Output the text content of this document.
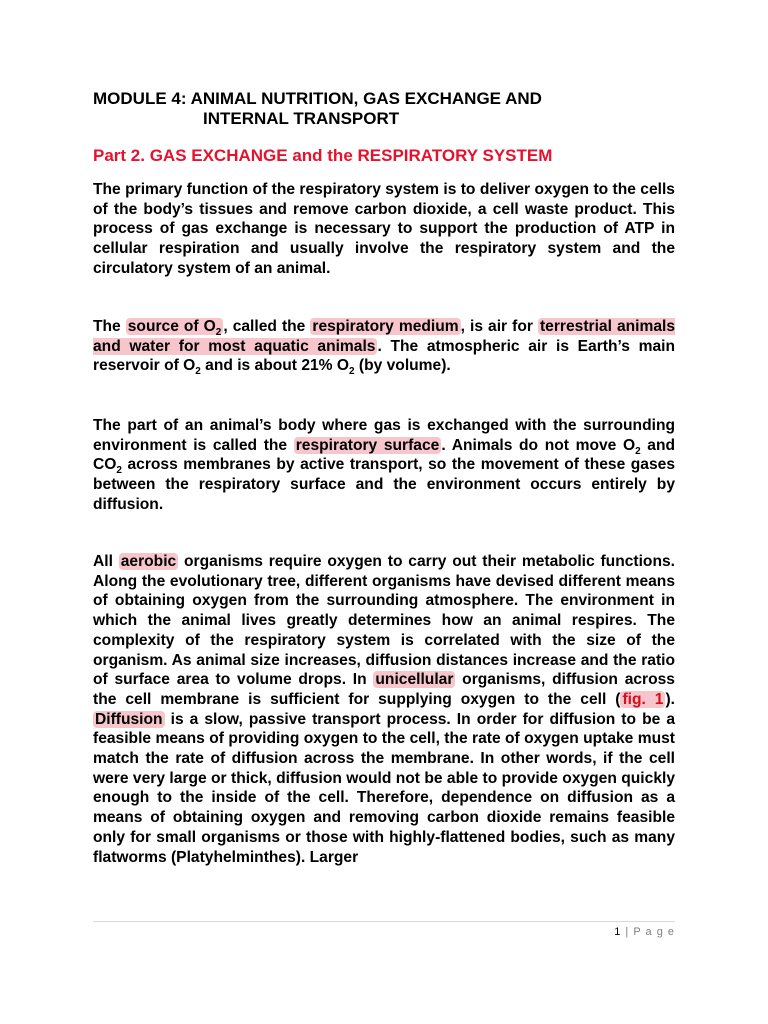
MODULE 4: ANIMAL NUTRITION, GAS EXCHANGE AND
INTERNAL TRANSPORT
Part 2. GAS EXCHANGE and the RESPIRATORY SYSTEM
The primary function of the respiratory system is to deliver oxygen to the cells of the body’s tissues and remove carbon dioxide, a cell waste product. This process of gas exchange is necessary to support the production of ATP in cellular respiration and usually involve the respiratory system and the circulatory system of an animal.
The source of $O_2$ , called the respiratory medium , is air for terrestrial animals and water for most aquatic animals . The atmospheric air is Earth’s main reservoir of $O_2$ and is about 21% $O_2$ (by volume).
The part of an animal’s body where gas is exchanged with the surrounding environment is called the respiratory surface . Animals do not move $O_2$ and $CO_2$ across membranes by active transport, so the movement of these gases between the respiratory surface and the environment occurs entirely by diffusion.
All aerobic organisms require oxygen to carry out their metabolic functions. Along the evolutionary tree, different organisms have devised different means of obtaining oxygen from the surrounding atmosphere. The environment in which the animal lives greatly determines how an animal respires. The complexity of the respiratory system is correlated with the size of the organism. As animal size increases, diffusion distances increase and the ratio of surface area to volume drops. In unicellular organisms, diffusion across the cell membrane is sufficient for supplying oxygen to the cell ( fig. 1 ). Diffusion is a slow, passive transport process. In order for diffusion to be a feasible means of providing oxygen to the cell, the rate of oxygen uptake must match the rate of diffusion across the membrane. In other words, if the cell were very large or thick, diffusion would not be able to provide oxygen quickly enough to the inside of the cell. Therefore, dependence on diffusion as a means of obtaining oxygen and removing carbon dioxide remains feasible only for small organisms or those with highly-flattened bodies, such as many flatworms (Platyhelminthes). Larger
1 | P a g e
